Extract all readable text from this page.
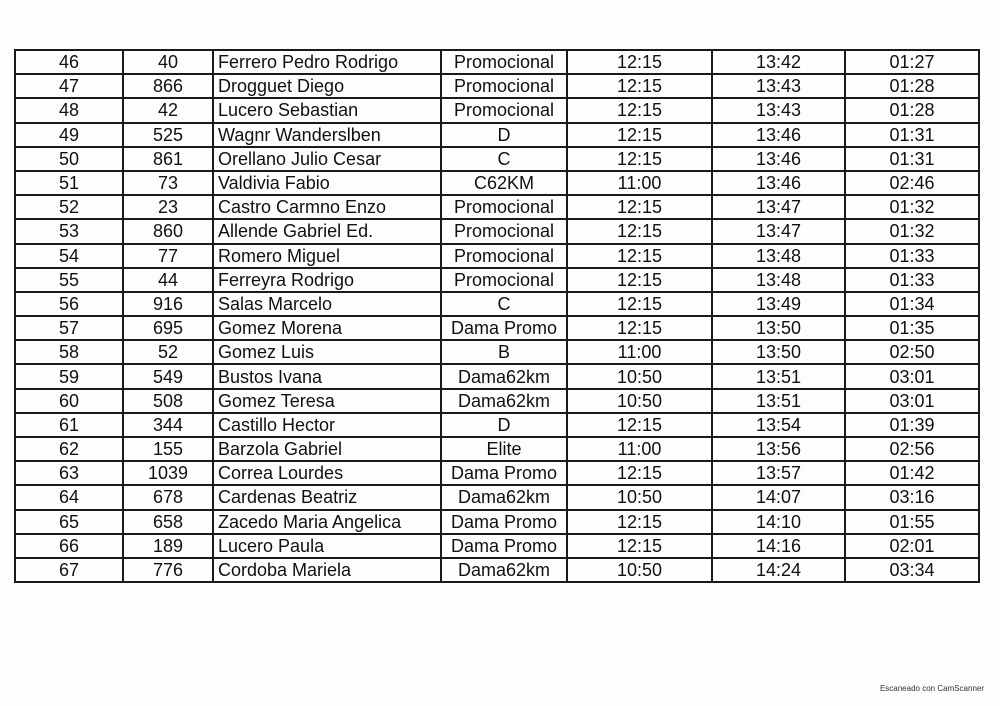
46	40	Ferrero Pedro Rodrigo	Promocional	12:15	13:42	01:27
47	866	Drogguet Diego	Promocional	12:15	13:43	01:28
48	42	Lucero Sebastian	Promocional	12:15	13:43	01:28
49	525	Wagnr Wanderslben	D	12:15	13:46	01:31
50	861	Orellano Julio Cesar	C	12:15	13:46	01:31
51	73	Valdivia Fabio	C62KM	11:00	13:46	02:46
52	23	Castro Carmno Enzo	Promocional	12:15	13:47	01:32
53	860	Allende Gabriel Ed.	Promocional	12:15	13:47	01:32
54	77	Romero Miguel	Promocional	12:15	13:48	01:33
55	44	Ferreyra Rodrigo	Promocional	12:15	13:48	01:33
56	916	Salas Marcelo	C	12:15	13:49	01:34
57	695	Gomez Morena	Dama Promo	12:15	13:50	01:35
58	52	Gomez Luis	B	11:00	13:50	02:50
59	549	Bustos Ivana	Dama62km	10:50	13:51	03:01
60	508	Gomez Teresa	Dama62km	10:50	13:51	03:01
61	344	Castillo Hector	D	12:15	13:54	01:39
62	155	Barzola Gabriel	Elite	11:00	13:56	02:56
63	1039	Correa Lourdes	Dama Promo	12:15	13:57	01:42
64	678	Cardenas Beatriz	Dama62km	10:50	14:07	03:16
65	658	Zacedo Maria Angelica	Dama Promo	12:15	14:10	01:55
66	189	Lucero Paula	Dama Promo	12:15	14:16	02:01
67	776	Cordoba Mariela	Dama62km	10:50	14:24	03:34
Escaneado con CamScanner
